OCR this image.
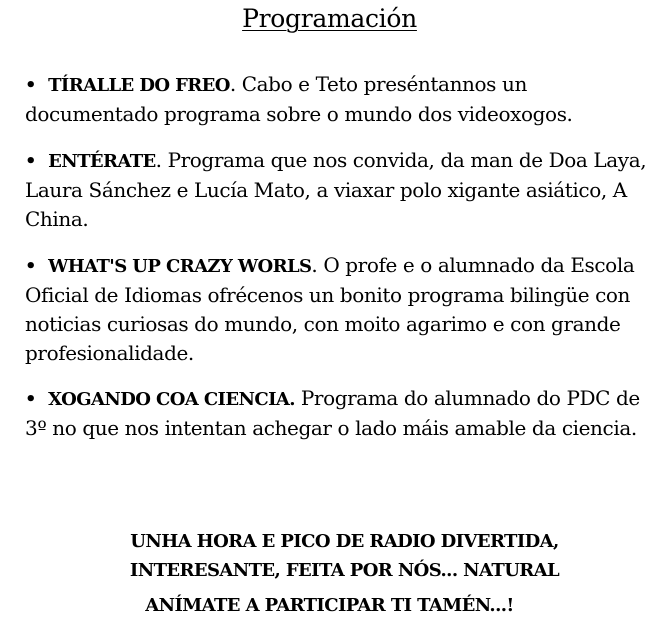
Programación
• TÍRALLE DO FREO. Cabo e Teto preséntannos un documentado programa sobre o mundo dos videoxogos.
• ENTÉRATE. Programa que nos convida, da man de Doa Laya, Laura Sánchez e Lucía Mato, a viaxar polo xigante asiático, A China.
• WHAT'S UP CRAZY WORLS. O profe e o alumnado da Escola Oficial de Idiomas ofrécenos un bonito programa bilingüe con noticias curiosas do mundo, con moito agarimo e con grande profesionalidade.
• XOGANDO COA CIENCIA. Programa do alumnado do PDC de 3º no que nos intentan achegar o lado máis amable da ciencia.
UNHA HORA E PICO DE RADIO DIVERTIDA,
INTERESANTE, FEITA POR NÓS... NATURAL
ANÍMATE A PARTICIPAR TI TAMÉN...!
